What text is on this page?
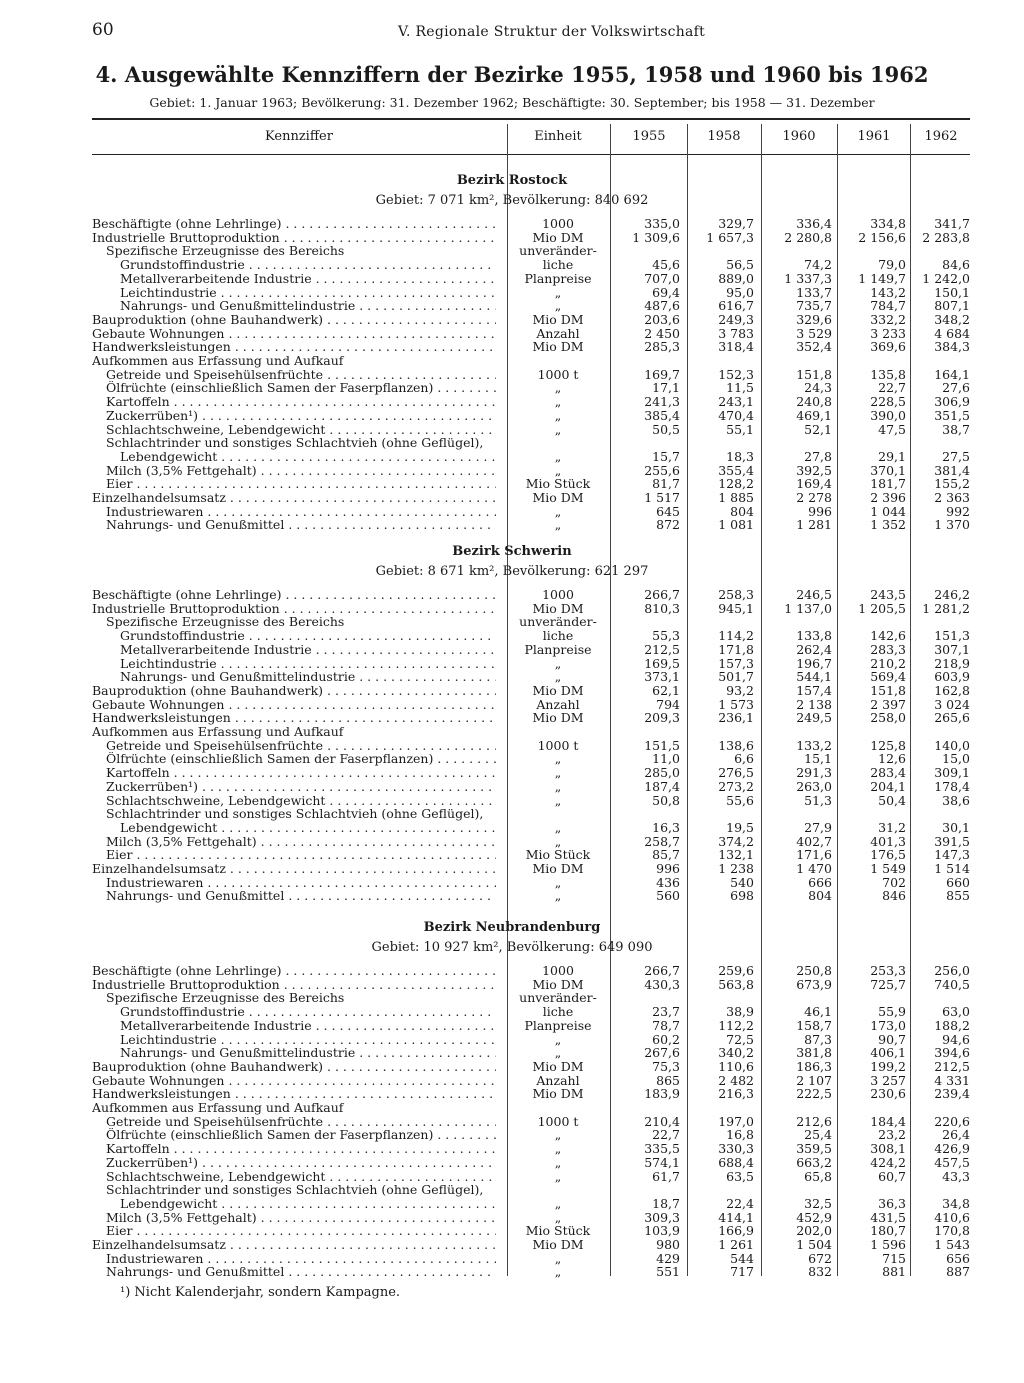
60	V. Regionale Struktur der Volkswirtschaft
4. Ausgewählte Kennziffern der Bezirke 1955, 1958 und 1960 bis 1962
Gebiet: 1. Januar 1963; Bevölkerung: 31. Dezember 1962; Beschäftigte: 30. September; bis 1958 — 31. Dezember
Kennziffer	Einheit	1955	1958	1960	1961	1962
Bezirk Rostock
Gebiet: 7 071 km², Bevölkerung: 840 692
Beschäftigte (ohne Lehrlinge) . . .	1000	335,0	329,7	336,4	334,8	341,7
Industrielle Bruttoproduktion . . .	Mio DM	1 309,6	1 657,3	2 280,8	2 156,6	2 283,8
Spezifische Erzeugnisse des Bereichs	unveränder-
Grundstoffindustrie . . .	liche	45,6	56,5	74,2	79,0	84,6
Metallverarbeitende Industrie . . .	Planpreise	707,0	889,0	1 337,3	1 149,7	1 242,0
Leichtindustrie . . .	„	69,4	95,0	133,7	143,2	150,1
Nahrungs- und Genußmittelindustrie . . .	„	487,6	616,7	735,7	784,7	807,1
Bauproduktion (ohne Bauhandwerk) . . .	Mio DM	203,6	249,3	329,6	332,2	348,2
Gebaute Wohnungen . . .	Anzahl	2 450	3 783	3 529	3 233	4 684
Handwerksleistungen . . .	Mio DM	285,3	318,4	352,4	369,6	384,3
Aufkommen aus Erfassung und Aufkauf
Getreide und Speisehülsenfrüchte . . .	1000 t	169,7	152,3	151,8	135,8	164,1
Ölfrüchte (einschließlich Samen der Faserpflanzen) . . .	„	17,1	11,5	24,3	22,7	27,6
Kartoffeln . . .	„	241,3	243,1	240,8	228,5	306,9
Zuckerrüben¹) . . .	„	385,4	470,4	469,1	390,0	351,5
Schlachtschweine, Lebendgewicht . . .	„	50,5	55,1	52,1	47,5	38,7
Schlachtrinder und sonstiges Schlachtvieh (ohne Geflügel),
Lebendgewicht . . .	„	15,7	18,3	27,8	29,1	27,5
Milch (3,5% Fettgehalt) . . .	„	255,6	355,4	392,5	370,1	381,4
Eier . . .	Mio Stück	81,7	128,2	169,4	181,7	155,2
Einzelhandelsumsatz . . .	Mio DM	1 517	1 885	2 278	2 396	2 363
Industriewaren . . .	„	645	804	996	1 044	992
Nahrungs- und Genußmittel . . .	„	872	1 081	1 281	1 352	1 370
Bezirk Schwerin
Gebiet: 8 671 km², Bevölkerung: 621 297
Beschäftigte (ohne Lehrlinge) . . .	1000	266,7	258,3	246,5	243,5	246,2
Industrielle Bruttoproduktion . . .	Mio DM	810,3	945,1	1 137,0	1 205,5	1 281,2
Spezifische Erzeugnisse des Bereichs	unveränder-
Grundstoffindustrie . . .	liche	55,3	114,2	133,8	142,6	151,3
Metallverarbeitende Industrie . . .	Planpreise	212,5	171,8	262,4	283,3	307,1
Leichtindustrie . . .	„	169,5	157,3	196,7	210,2	218,9
Nahrungs- und Genußmittelindustrie . . .	„	373,1	501,7	544,1	569,4	603,9
Bauproduktion (ohne Bauhandwerk) . . .	Mio DM	62,1	93,2	157,4	151,8	162,8
Gebaute Wohnungen . . .	Anzahl	794	1 573	2 138	2 397	3 024
Handwerksleistungen . . .	Mio DM	209,3	236,1	249,5	258,0	265,6
Aufkommen aus Erfassung und Aufkauf
Getreide und Speisehülsenfrüchte . . .	1000 t	151,5	138,6	133,2	125,8	140,0
Ölfrüchte (einschließlich Samen der Faserpflanzen) . . .	„	11,0	6,6	15,1	12,6	15,0
Kartoffeln . . .	„	285,0	276,5	291,3	283,4	309,1
Zuckerrüben¹) . . .	„	187,4	273,2	263,0	204,1	178,4
Schlachtschweine, Lebendgewicht . . .	„	50,8	55,6	51,3	50,4	38,6
Schlachtrinder und sonstiges Schlachtvieh (ohne Geflügel),
Lebendgewicht . . .	„	16,3	19,5	27,9	31,2	30,1
Milch (3,5% Fettgehalt) . . .	„	258,7	374,2	402,7	401,3	391,5
Eier . . .	Mio Stück	85,7	132,1	171,6	176,5	147,3
Einzelhandelsumsatz . . .	Mio DM	996	1 238	1 470	1 549	1 514
Industriewaren . . .	„	436	540	666	702	660
Nahrungs- und Genußmittel . . .	„	560	698	804	846	855
Bezirk Neubrandenburg
Gebiet: 10 927 km², Bevölkerung: 649 090
Beschäftigte (ohne Lehrlinge) . . .	1000	266,7	259,6	250,8	253,3	256,0
Industrielle Bruttoproduktion . . .	Mio DM	430,3	563,8	673,9	725,7	740,5
Spezifische Erzeugnisse des Bereichs	unveränder-
Grundstoffindustrie . . .	liche	23,7	38,9	46,1	55,9	63,0
Metallverarbeitende Industrie . . .	Planpreise	78,7	112,2	158,7	173,0	188,2
Leichtindustrie . . .	„	60,2	72,5	87,3	90,7	94,6
Nahrungs- und Genußmittelindustrie . . .	„	267,6	340,2	381,8	406,1	394,6
Bauproduktion (ohne Bauhandwerk) . . .	Mio DM	75,3	110,6	186,3	199,2	212,5
Gebaute Wohnungen . . .	Anzahl	865	2 482	2 107	3 257	4 331
Handwerksleistungen . . .	Mio DM	183,9	216,3	222,5	230,6	239,4
Aufkommen aus Erfassung und Aufkauf
Getreide und Speisehülsenfrüchte . . .	1000 t	210,4	197,0	212,6	184,4	220,6
Ölfrüchte (einschließlich Samen der Faserpflanzen) . . .	„	22,7	16,8	25,4	23,2	26,4
Kartoffeln . . .	„	335,5	330,3	359,5	308,1	426,9
Zuckerrüben¹) . . .	„	574,1	688,4	663,2	424,2	457,5
Schlachtschweine, Lebendgewicht . . .	„	61,7	63,5	65,8	60,7	43,3
Schlachtrinder und sonstiges Schlachtvieh (ohne Geflügel),
Lebendgewicht . . .	„	18,7	22,4	32,5	36,3	34,8
Milch (3,5% Fettgehalt) . . .	„	309,3	414,1	452,9	431,5	410,6
Eier . . .	Mio Stück	103,9	166,9	202,0	180,7	170,8
Einzelhandelsumsatz . . .	Mio DM	980	1 261	1 504	1 596	1 543
Industriewaren . . .	„	429	544	672	715	656
Nahrungs- und Genußmittel . . .	„	551	717	832	881	887
¹) Nicht Kalenderjahr, sondern Kampagne.
